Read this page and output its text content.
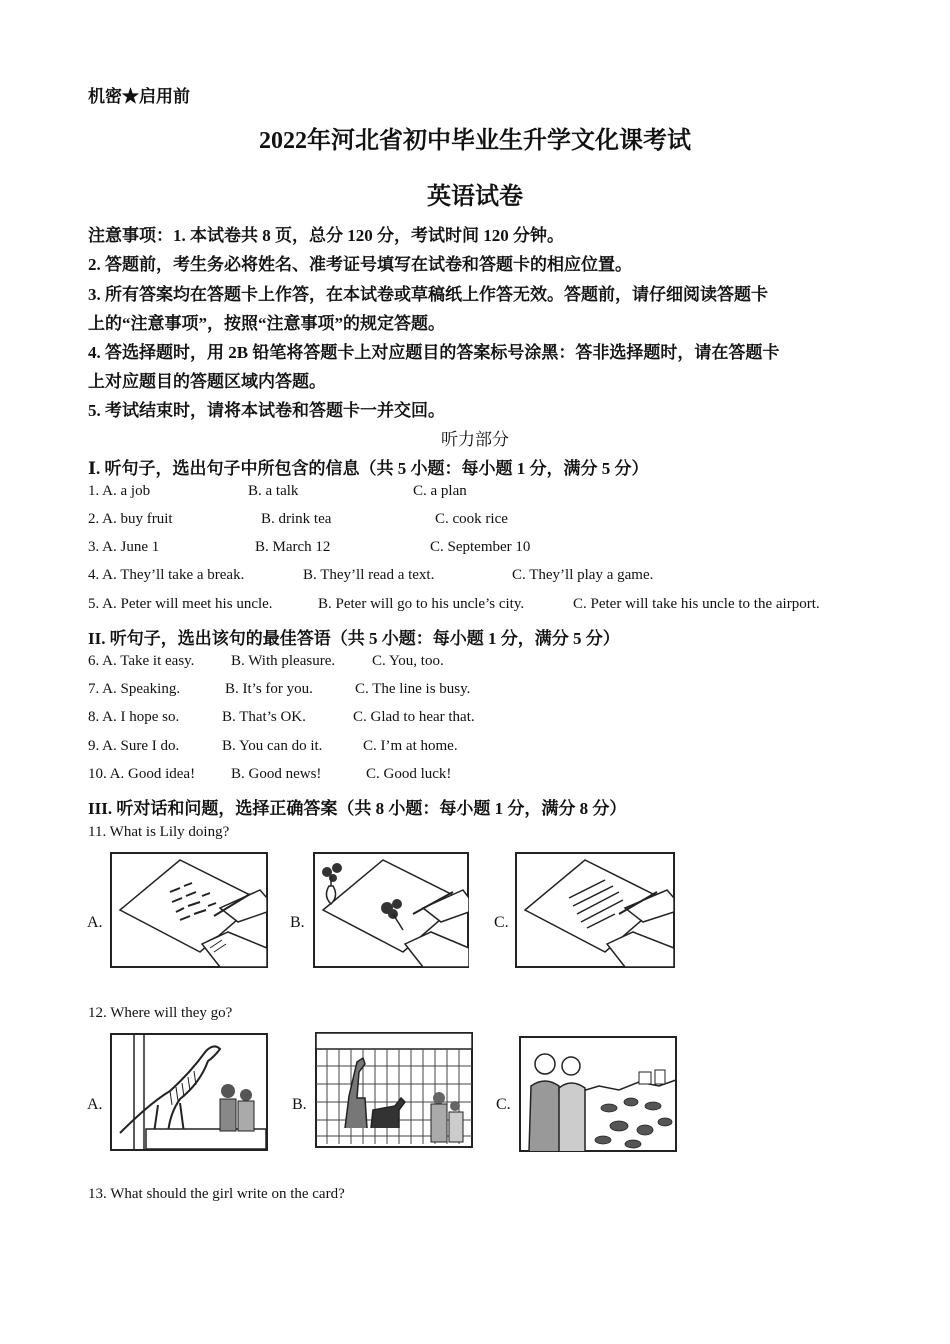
机密★启用前
2022年河北省初中毕业生升学文化课考试
英语试卷
注意事项：1. 本试卷共 8 页，总分 120 分，考试时间 120 分钟。
2. 答题前，考生务必将姓名、准考证号填写在试卷和答题卡的相应位置。
3. 所有答案均在答题卡上作答，在本试卷或草稿纸上作答无效。答题前，请仔细阅读答题卡
上的“注意事项”，按照“注意事项”的规定答题。
4. 答选择题时，用 2B 铅笔将答题卡上对应题目的答案标号涂黑：答非选择题时，请在答题卡
上对应题目的答题区域内答题。
5. 考试结束时，请将本试卷和答题卡一并交回。
听力部分
Ⅰ. 听句子，选出句子中所包含的信息（共 5 小题：每小题 1 分，满分 5 分）
1. A. a job	B. a talk	C. a plan
2. A. buy fruit	B. drink tea	C. cook rice
3. A. June 1	B. March 12	C. September 10
4. A. They’ll take a break.	B. They’ll read a text.	C. They’ll play a game.
5. A. Peter will meet his uncle.	B. Peter will go to his uncle’s city.	C. Peter will take his uncle to the airport.
II. 听句子，选出该句的最佳答语（共 5 小题：每小题 1 分，满分 5 分）
6. A. Take it easy. B. With pleasure. C. You, too.
7. A. Speaking.	B. It’s for you.	C. The line is busy.
8. A. I hope so.	B. That’s OK.	C. Glad to hear that.
9. A. Sure I do.	B. You can do it.	C. I’m at home.
10. A. Good idea! B. Good news!	C. Good luck!
III. 听对话和问题，选择正确答案（共 8 小题：每小题 1 分，满分 8 分）
11. What is Lily doing?
A.	B.	C.
12. Where will they go?
A.	B.	C.
13. What should the girl write on the card?
